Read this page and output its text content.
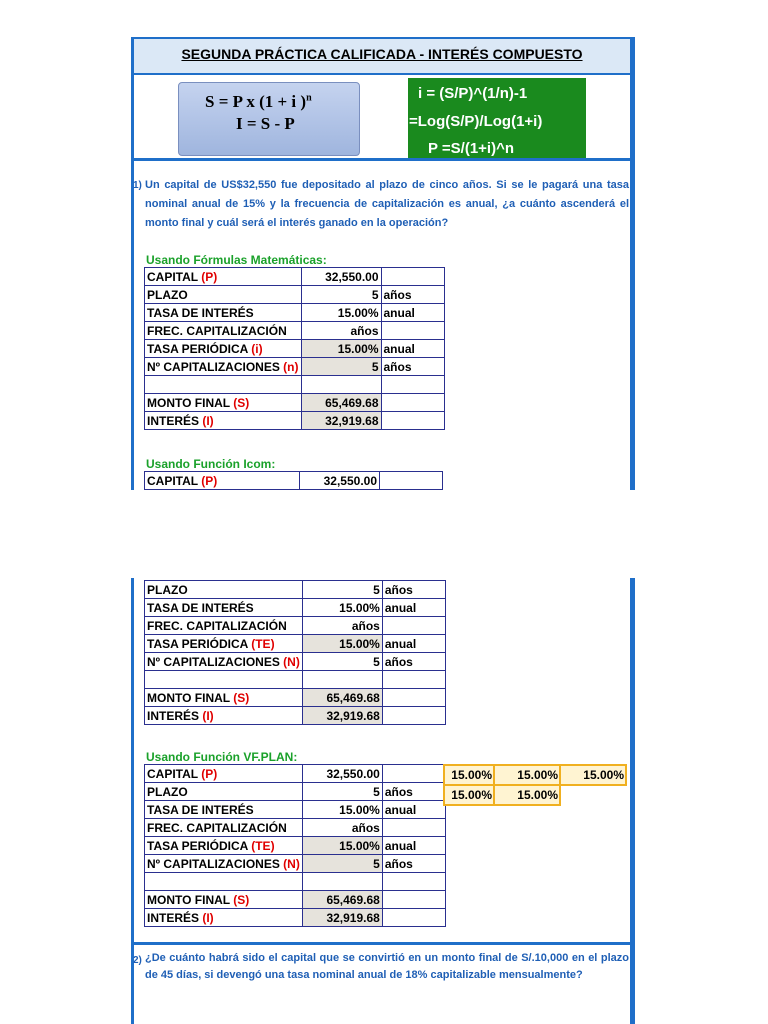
SEGUNDA PRÁCTICA CALIFICADA - INTERÉS COMPUESTO
S = P x (1 + i )$^n$
I = S - P
i = (S/P)^(1/n)-1
=Log(S/P)/Log(1+i)
P =S/(1+i)^n
1) Un capital de US$32,550 fue depositado al plazo de cinco años. Si se le pagará una tasa nominal anual de 15% y la frecuencia de capitalización es anual, ¿a cuánto ascenderá el monto final y cuál será el interés ganado en la operación?
Usando Fórmulas Matemáticas:
CAPITAL (P)	32,550.00	
PLAZO	5	años
TASA DE INTERÉS	15.00%	anual
FREC. CAPITALIZACIÓN	años	
TASA PERIÓDICA (i)	15.00%	anual
Nº CAPITALIZACIONES (n)	5	años

MONTO FINAL (S)	65,469.68	
INTERÉS (I)	32,919.68	
Usando Función Icom:
CAPITAL (P)	32,550.00	
PLAZO	5	años
TASA DE INTERÉS	15.00%	anual
FREC. CAPITALIZACIÓN	años	
TASA PERIÓDICA (TE)	15.00%	anual
Nº CAPITALIZACIONES (N)	5	años

MONTO FINAL (S)	65,469.68	
INTERÉS (I)	32,919.68	
Usando Función VF.PLAN:
CAPITAL (P)	32,550.00	
PLAZO	5	años
TASA DE INTERÉS	15.00%	anual
FREC. CAPITALIZACIÓN	años	
TASA PERIÓDICA (TE)	15.00%	anual
Nº CAPITALIZACIONES (N)	5	años

MONTO FINAL (S)	65,469.68	
INTERÉS (I)	32,919.68	
15.00%	15.00%	15.00%
15.00%	15.00%	
2) ¿De cuánto habrá sido el capital que se convirtió en un monto final de S/.10,000 en el plazo de 45 días, si devengó una tasa nominal anual de 18% capitalizable mensualmente?
